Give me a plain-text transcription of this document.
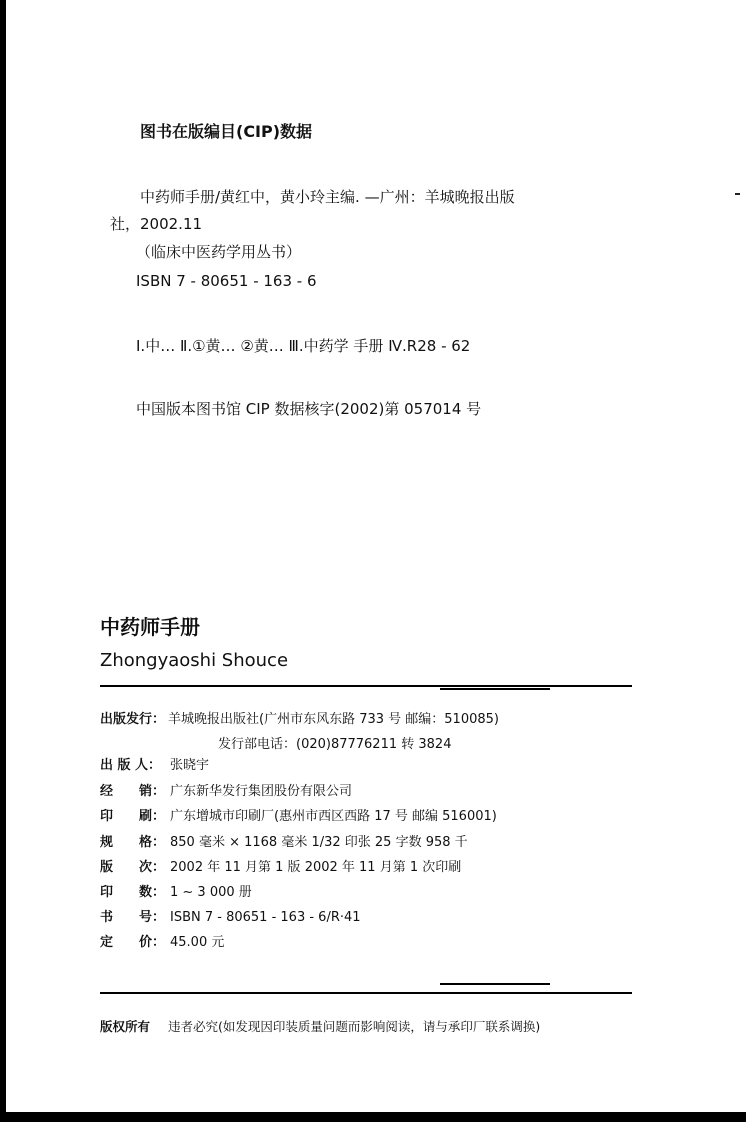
图书在版编目(CIP)数据
中药师手册/黄红中，黄小玲主编. —广州：羊城晚报出版
社，2002.11
（临床中医药学用丛书）
ISBN 7 - 80651 - 163 - 6
Ⅰ.中… Ⅱ.①黄… ②黄… Ⅲ.中药学 手册 Ⅳ.R28 - 62
中国版本图书馆 CIP 数据核字(2002)第 057014 号
中药师手册
Zhongyaoshi Shouce
出版发行： 羊城晚报出版社(广州市东风东路 733 号 邮编：510085)
发行部电话：(020)87776211 转 3824
出 版 人： 张晓宇
经　　销： 广东新华发行集团股份有限公司
印　　刷： 广东增城市印刷厂(惠州市西区西路 17 号 邮编 516001)
规　　格： 850 毫米 × 1168 毫米 1/32 印张 25 字数 958 千
版　　次： 2002 年 11 月第 1 版 2002 年 11 月第 1 次印刷
印　　数： 1 ~ 3 000 册
书　　号： ISBN 7 - 80651 - 163 - 6/R·41
定　　价： 45.00 元
版权所有 违者必究(如发现因印装质量问题而影响阅读，请与承印厂联系调换)
